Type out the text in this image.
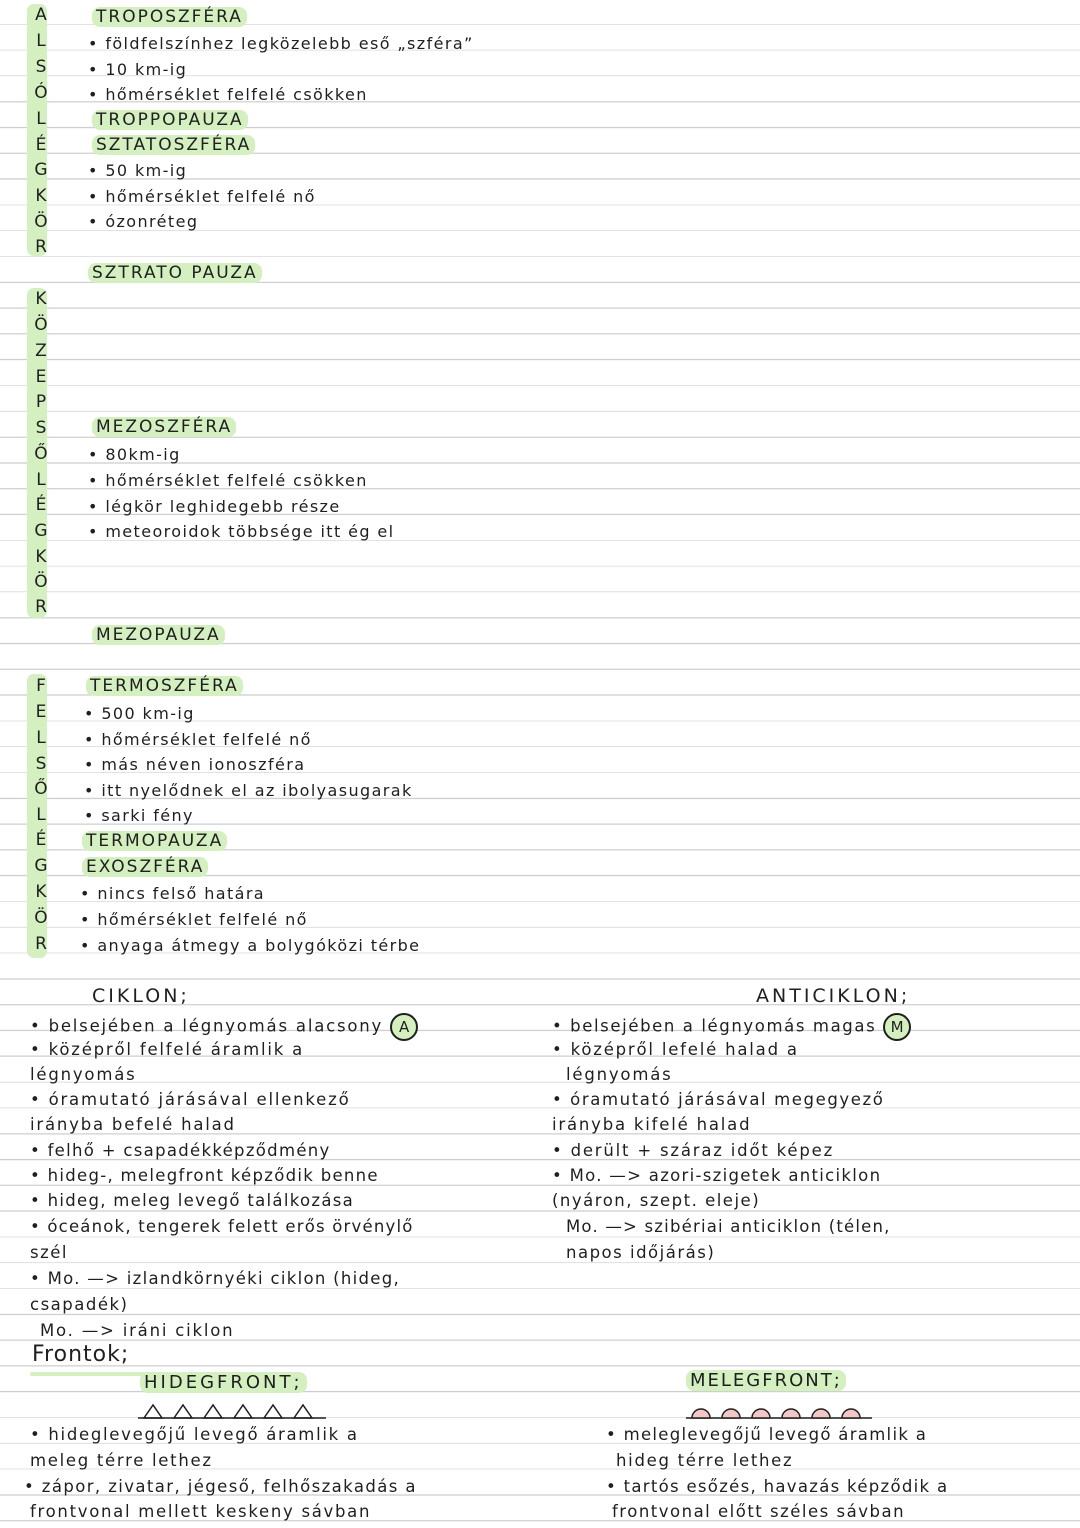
A
L
S
Ó
L
É
G
K
Ö
R
TROPOSZFÉRA
• földfelszínhez legközelebb eső „szféra”
• 10 km-ig
• hőmérséklet felfelé csökken
TROPPOPAUZA
SZTATOSZFÉRA
• 50 km-ig
• hőmérséklet felfelé nő
• ózonréteg
SZTRATO PAUZA
K
Ö
Z
E
P
S
Ő
L
É
G
K
Ö
R
MEZOSZFÉRA
• 80km-ig
• hőmérséklet felfelé csökken
• légkör leghidegebb része
• meteoroidok többsége itt ég el
MEZOPAUZA
F
E
L
S
Ő
L
É
G
K
Ö
R
TERMOSZFÉRA
• 500 km-ig
• hőmérséklet felfelé nő
• más néven ionoszféra
• itt nyelődnek el az ibolyasugarak
• sarki fény
TERMOPAUZA
EXOSZFÉRA
• nincs felső határa
• hőmérséklet felfelé nő
• anyaga átmegy a bolygóközi térbe
CIKLON;
• belsejében a légnyomás alacsony A
• középről felfelé áramlik a
légnyomás
• óramutató járásával ellenkező
irányba befelé halad
• felhő + csapadékképződmény
• hideg-, melegfront képződik benne
• hideg, meleg levegő találkozása
• óceánok, tengerek felett erős örvénylő
szél
• Mo. —> izlandkörnyéki ciklon (hideg,
csapadék)
Mo. —> iráni ciklon
ANTICIKLON;
• belsejében a légnyomás magas M
• középről lefelé halad a
légnyomás
• óramutató járásával megegyező
irányba kifelé halad
• derült + száraz időt képez
• Mo. —> azori-szigetek anticiklon
(nyáron, szept. eleje)
Mo. —> szibériai anticiklon (télen,
napos időjárás)
Frontok;
HIDEGFRONT;
• hideglevegőjű levegő áramlik a
meleg térre lethez
• zápor, zivatar, jégeső, felhőszakadás a
frontvonal mellett keskeny sávban
MELEGFRONT;
• meleglevegőjű levegő áramlik a
hideg térre lethez
• tartós esőzés, havazás képződik a
frontvonal előtt széles sávban
